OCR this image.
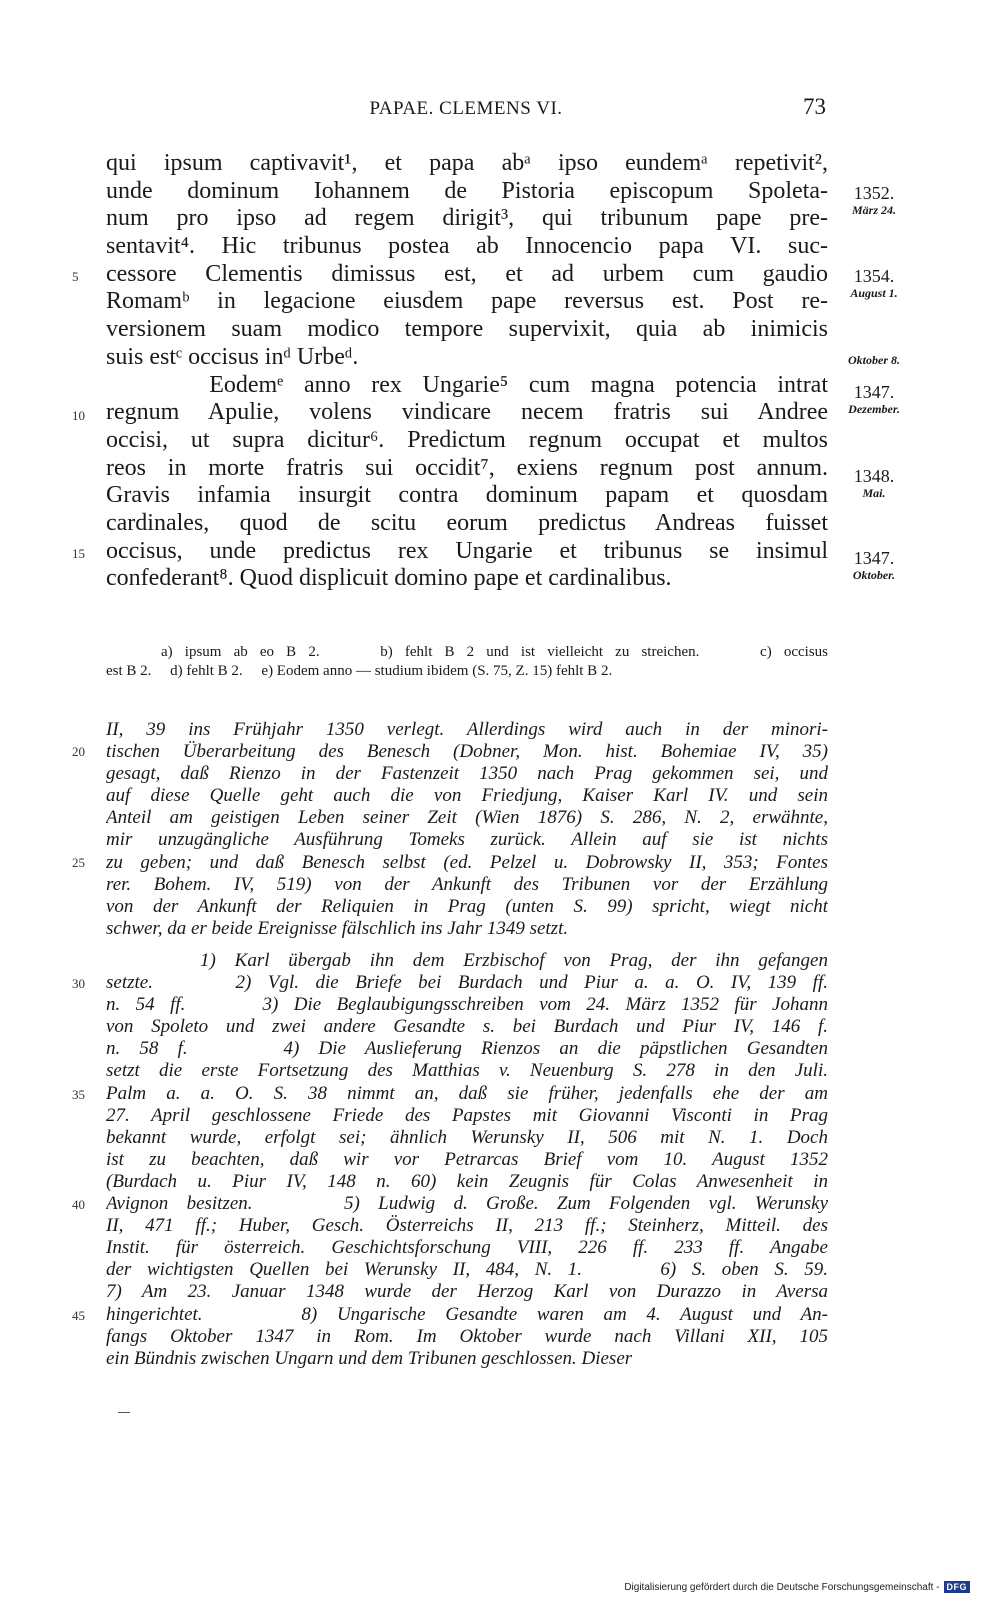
PAPAE. CLEMENS VI.	73
qui ipsum captivavit¹, et papa abᵃ ipso eundemᵃ repetivit²,
unde dominum Iohannem de Pistoria episcopum Spoleta-
num pro ipso ad regem dirigit³, qui tribunum pape pre-
sentavit⁴. Hic tribunus postea ab Innocencio papa VI. suc-
cessore Clementis dimissus est, et ad urbem cum gaudio
Romamᵇ in legacione eiusdem pape reversus est. Post re-
versionem suam modico tempore supervixit, quia ab inimicis
suis estᶜ occisus inᵈ Urbeᵈ.
Eodemᵉ anno rex Ungarie⁵ cum magna potencia intrat
regnum Apulie, volens vindicare necem fratris sui Andree
occisi, ut supra dicitur⁶. Predictum regnum occupat et multos
reos in morte fratris sui occidit⁷, exiens regnum post annum.
Gravis infamia insurgit contra dominum papam et quosdam
cardinales, quod de scitu eorum predictus Andreas fuisset
occisus, unde predictus rex Ungarie et tribunus se insimul
confederant⁸. Quod displicuit domino pape et cardinalibus.
5
10
15
1352.
März 24.
1354.
August 1.
Oktober 8.
1347.
Dezember.
1348.
Mai.
1347.
Oktober.
a) ipsum ab eo B 2.     b) fehlt B 2 und ist vielleicht zu streichen.     c) occisus
est B 2.     d) fehlt B 2.     e) Eodem anno — studium ibidem (S. 75, Z. 15) fehlt B 2.
II, 39 ins Frühjahr 1350 verlegt. Allerdings wird auch in der minori-
tischen Überarbeitung des Benesch (Dobner, Mon. hist. Bohemiae IV, 35)
gesagt, daß Rienzo in der Fastenzeit 1350 nach Prag gekommen sei, und
auf diese Quelle geht auch die von Friedjung, Kaiser Karl IV. und sein
Anteil am geistigen Leben seiner Zeit (Wien 1876) S. 286, N. 2, erwähnte,
mir unzugängliche Ausführung Tomeks zurück. Allein auf sie ist nichts
zu geben; und daß Benesch selbst (ed. Pelzel u. Dobrowsky II, 353; Fontes
rer. Bohem. IV, 519) von der Ankunft des Tribunen vor der Erzählung
von der Ankunft der Reliquien in Prag (unten S. 99) spricht, wiegt nicht
schwer, da er beide Ereignisse fälschlich ins Jahr 1349 setzt.
20
25
1) Karl übergab ihn dem Erzbischof von Prag, der ihn gefangen
setzte.     2) Vgl. die Briefe bei Burdach und Piur a. a. O. IV, 139 ff.
n. 54 ff.     3) Die Beglaubigungsschreiben vom 24. März 1352 für Johann
von Spoleto und zwei andere Gesandte s. bei Burdach und Piur IV, 146 f.
n. 58 f.     4) Die Auslieferung Rienzos an die päpstlichen Gesandten
setzt die erste Fortsetzung des Matthias v. Neuenburg S. 278 in den Juli.
Palm a. a. O. S. 38 nimmt an, daß sie früher, jedenfalls ehe der am
27. April geschlossene Friede des Papstes mit Giovanni Visconti in Prag
bekannt wurde, erfolgt sei; ähnlich Werunsky II, 506 mit N. 1. Doch
ist zu beachten, daß wir vor Petrarcas Brief vom 10. August 1352
(Burdach u. Piur IV, 148 n. 60) kein Zeugnis für Colas Anwesenheit in
Avignon besitzen.     5) Ludwig d. Große. Zum Folgenden vgl. Werunsky
II, 471 ff.; Huber, Gesch. Österreichs II, 213 ff.; Steinherz, Mitteil. des
Instit. für österreich. Geschichtsforschung VIII, 226 ff. 233 ff. Angabe
der wichtigsten Quellen bei Werunsky II, 484, N. 1.     6) S. oben S. 59.
7) Am 23. Januar 1348 wurde der Herzog Karl von Durazzo in Aversa
hingerichtet.     8) Ungarische Gesandte waren am 4. August und An-
fangs Oktober 1347 in Rom. Im Oktober wurde nach Villani XII, 105
ein Bündnis zwischen Ungarn und dem Tribunen geschlossen. Dieser
30
35
40
45
Digitalisierung gefördert durch die Deutsche Forschungsgemeinschaft - DFG
